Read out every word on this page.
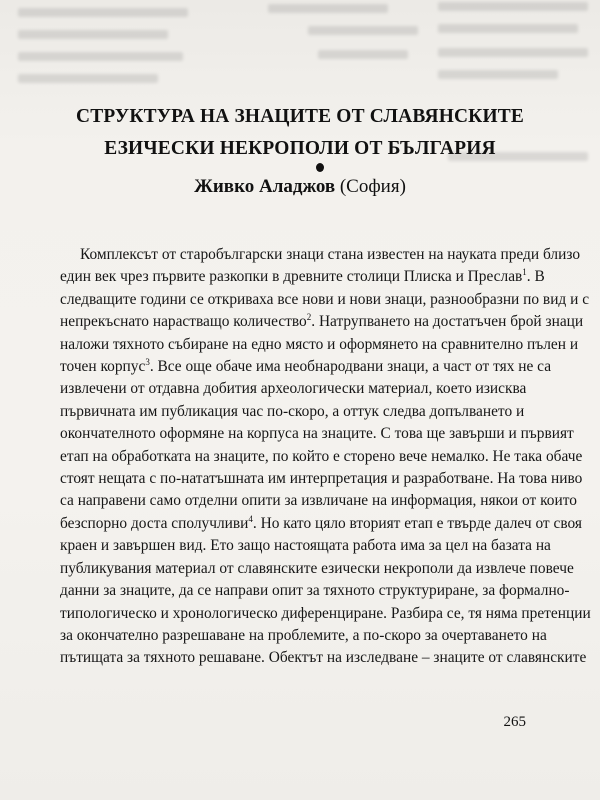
СТРУКТУРА НА ЗНАЦИТЕ ОТ СЛАВЯНСКИТЕ
ЕЗИЧЕСКИ НЕКРОПОЛИ ОТ БЪЛГАРИЯ
Живко Аладжов (София)
Комплексът от старобългарски знаци стана известен на науката преди близо
един век чрез първите разкопки в древните столици Плиска и Преслав$^1$. В
следващите години се откриваха все нови и нови знаци, разнообразни по вид и с
непрекъснато нарастващо количество$^2$. Натрупването на достатъчен брой знаци
наложи тяхното събиране на едно място и оформянето на сравнително пълен и
точен корпус$^3$. Все още обаче има необнародвани знаци, а част от тях не са
извлечени от отдавна добития археологически материал, което изисква
първичната им публикация час по-скоро, а оттук следва допълването и
окончателното оформяне на корпуса на знаците. С това ще завърши и първият
етап на обработката на знаците, по който е сторено вече немалко. Не така обаче
стоят нещата с по-нататъшната им интерпретация и разработване. На това ниво
са направени само отделни опити за извличане на информация, някои от които
безспорно доста сполучливи$^4$. Но като цяло вторият етап е твърде далеч от своя
краен и завършен вид. Ето защо настоящата работа има за цел на базата на
публикувания материал от славянските езически некрополи да извлече повече
данни за знаците, да се направи опит за тяхното структуриране, за формално-
типологическо и хронологическо диференциране. Разбира се, тя няма претенции
за окончателно разрешаване на проблемите, а по-скоро за очертаването на
пътищата за тяхното решаване. Обектът на изследване – знаците от славянските
265
